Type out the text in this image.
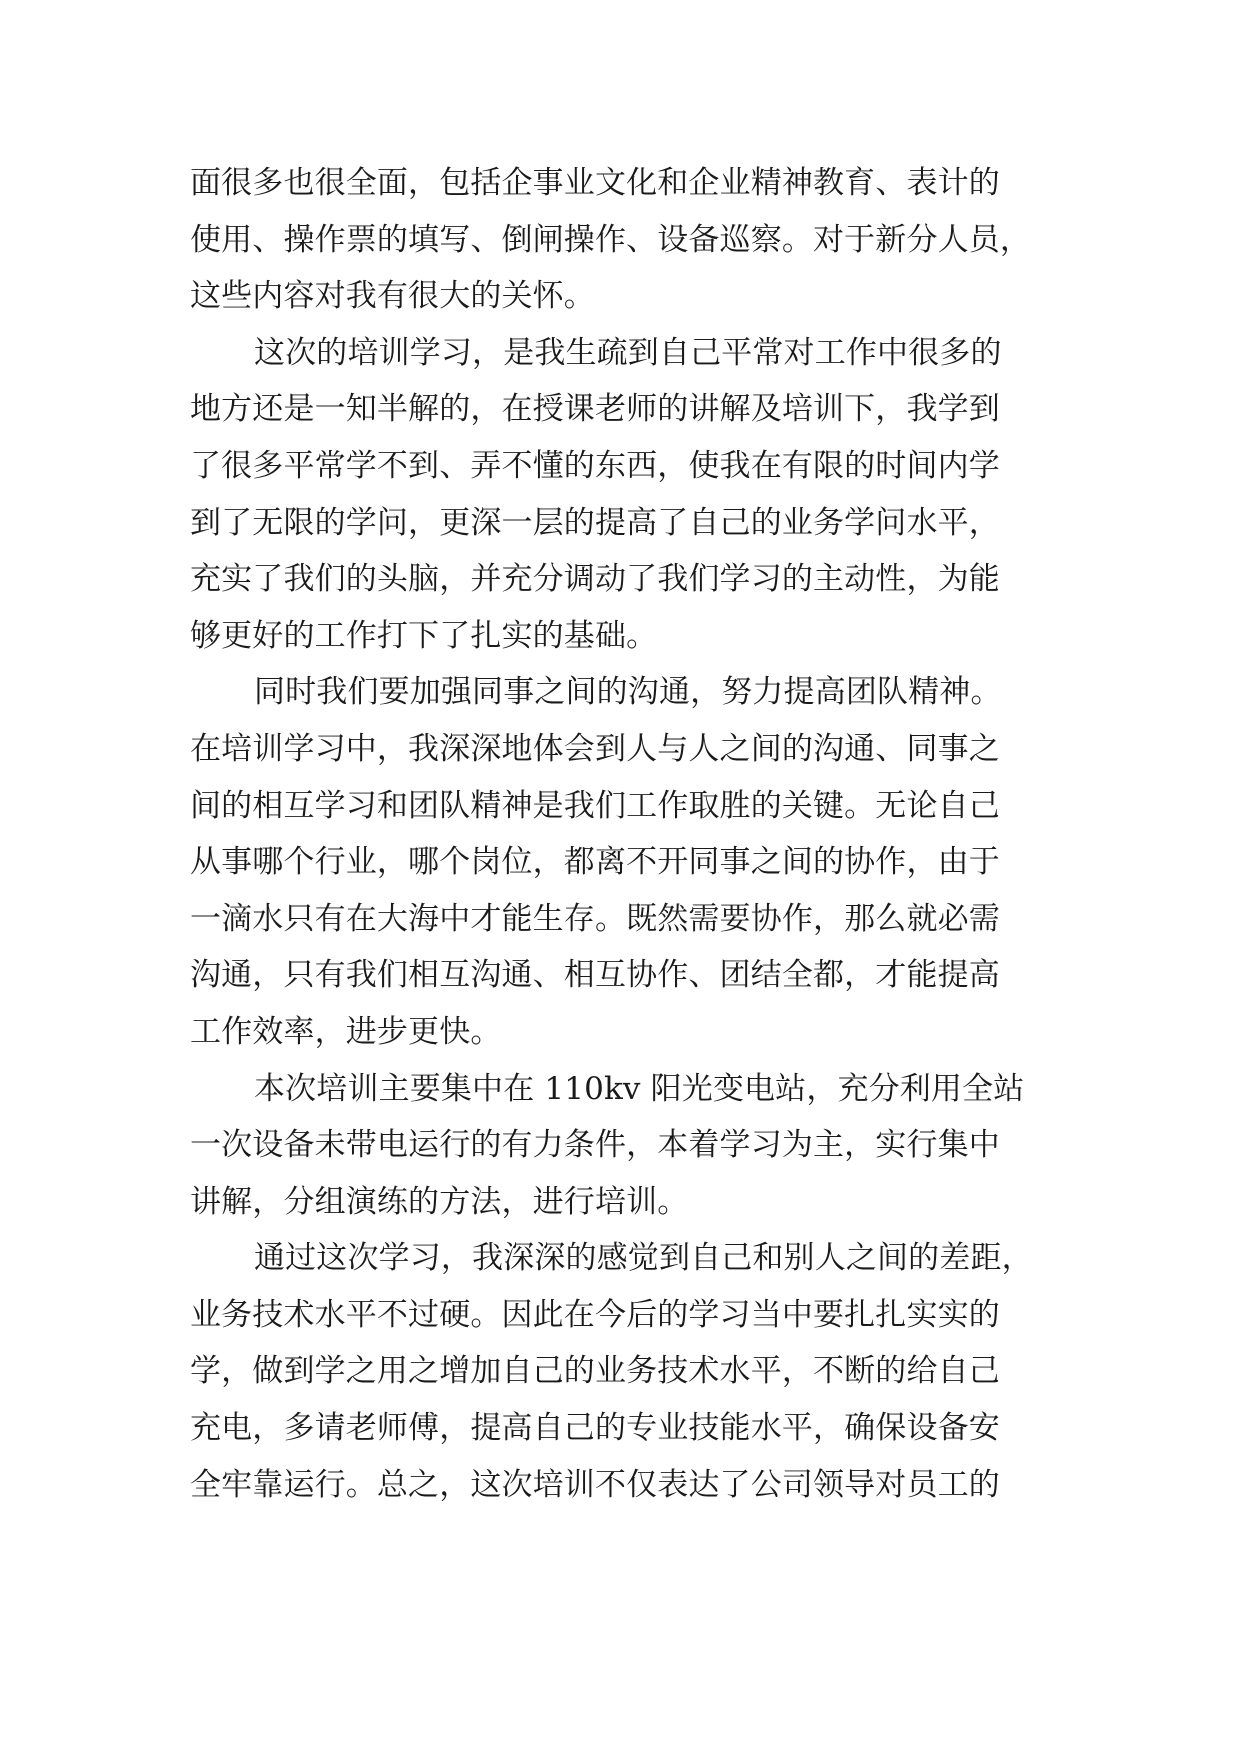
面很多也很全面，包括企事业文化和企业精神教育、表计的
使用、操作票的填写、倒闸操作、设备巡察。对于新分人员，
这些内容对我有很大的关怀。
这次的培训学习，是我生疏到自己平常对工作中很多的
地方还是一知半解的，在授课老师的讲解及培训下，我学到
了很多平常学不到、弄不懂的东西，使我在有限的时间内学
到了无限的学问，更深一层的提高了自己的业务学问水平，
充实了我们的头脑，并充分调动了我们学习的主动性，为能
够更好的工作打下了扎实的基础。
同时我们要加强同事之间的沟通，努力提高团队精神。
在培训学习中，我深深地体会到人与人之间的沟通、同事之
间的相互学习和团队精神是我们工作取胜的关键。无论自己
从事哪个行业，哪个岗位，都离不开同事之间的协作，由于
一滴水只有在大海中才能生存。既然需要协作，那么就必需
沟通，只有我们相互沟通、相互协作、团结全都，才能提高
工作效率，进步更快。
本次培训主要集中在 110kv 阳光变电站，充分利用全站
一次设备未带电运行的有力条件，本着学习为主，实行集中
讲解，分组演练的方法，进行培训。
通过这次学习，我深深的感觉到自己和别人之间的差距，
业务技术水平不过硬。因此在今后的学习当中要扎扎实实的
学，做到学之用之增加自己的业务技术水平，不断的给自己
充电，多请老师傅，提高自己的专业技能水平，确保设备安
全牢靠运行。总之，这次培训不仅表达了公司领导对员工的
